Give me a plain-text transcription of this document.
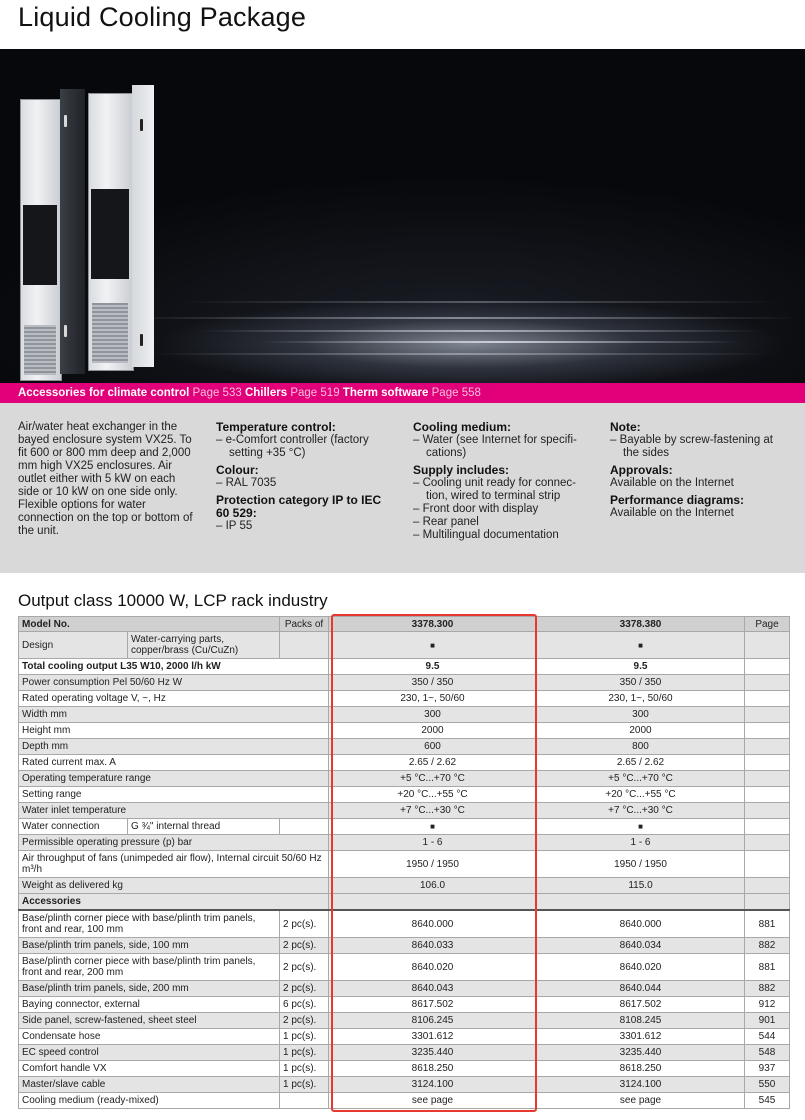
Liquid Cooling Package
Accessories for climate control Page 533 Chillers Page 519 Therm software Page 558
Air/water heat exchanger in the bayed enclosure system VX25. To fit 600 or 800 mm deep and 2,000 mm high VX25 enclosures. Air outlet either with 5 kW on each side or 10 kW on one side only. Flexible options for water connection on the top or bottom of the unit.
Temperature control:
– e-Comfort controller (factory setting +35 °C)
Colour:
– RAL 7035
Protection category IP to IEC 60 529:
– IP 55
Cooling medium:
– Water (see Internet for specifi-cations)
Supply includes:
– Cooling unit ready for connec-tion, wired to terminal strip
– Front door with display
– Rear panel
– Multilingual documentation
Note:
– Bayable by screw-fastening at the sides
Approvals:
Available on the Internet
Performance diagrams:
Available on the Internet
Output class 10000 W, LCP rack industry
Model No.		Packs of	3378.300	3378.380	Page
Design	Water-carrying parts, copper/brass (Cu/CuZn)		■	■	
Total cooling output L35 W10, 2000 l/h kW			9.5	9.5	
Power consumption Pel 50/60 Hz W			350 / 350	350 / 350	
Rated operating voltage V, ~, Hz			230, 1~, 50/60	230, 1~, 50/60	
Width mm			300	300	
Height mm			2000	2000	
Depth mm			600	800	
Rated current max. A			2.65 / 2.62	2.65 / 2.62	
Operating temperature range			+5 °C...+70 °C	+5 °C...+70 °C	
Setting range			+20 °C...+55 °C	+20 °C...+55 °C	
Water inlet temperature			+7 °C...+30 °C	+7 °C...+30 °C	
Water connection	G ¾" internal thread		■	■	
Permissible operating pressure (p) bar			1 - 6	1 - 6	
Air throughput of fans (unimpeded air flow), Internal circuit 50/60 Hz m³/h			1950 / 1950	1950 / 1950	
Weight as delivered kg			106.0	115.0	
Accessories					
Base/plinth corner piece with base/plinth trim panels, front and rear, 100 mm		2 pc(s).	8640.000	8640.000	881
Base/plinth trim panels, side, 100 mm		2 pc(s).	8640.033	8640.034	882
Base/plinth corner piece with base/plinth trim panels, front and rear, 200 mm		2 pc(s).	8640.020	8640.020	881
Base/plinth trim panels, side, 200 mm		2 pc(s).	8640.043	8640.044	882
Baying connector, external		6 pc(s).	8617.502	8617.502	912
Side panel, screw-fastened, sheet steel		2 pc(s).	8106.245	8108.245	901
Condensate hose		1 pc(s).	3301.612	3301.612	544
EC speed control		1 pc(s).	3235.440	3235.440	548
Comfort handle VX		1 pc(s).	8618.250	8618.250	937
Master/slave cable		1 pc(s).	3124.100	3124.100	550
Cooling medium (ready-mixed)			see page	see page	545
